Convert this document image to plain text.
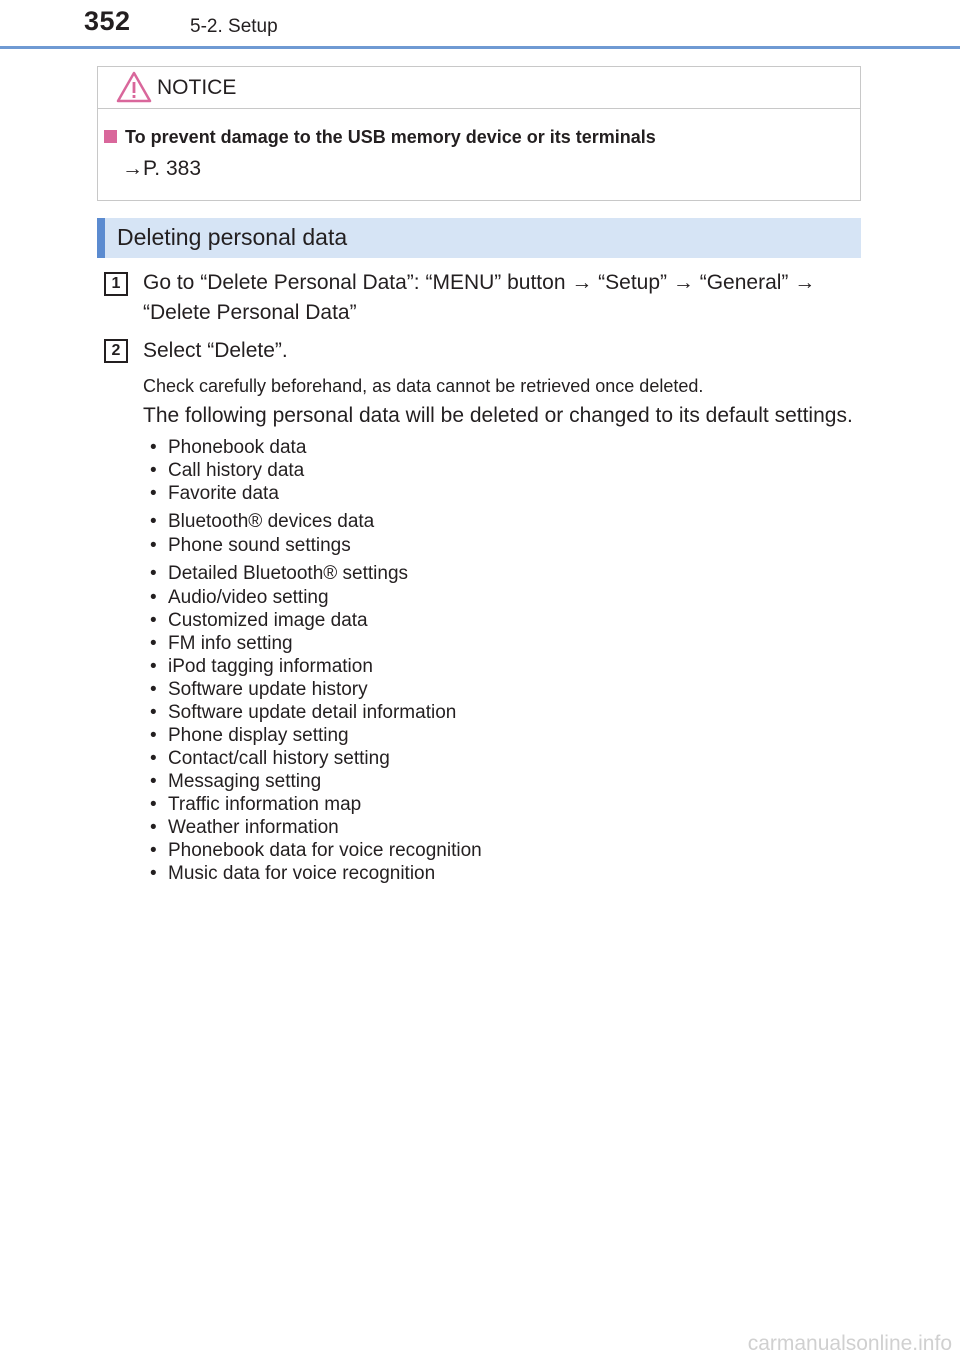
352	5-2. Setup
NOTICE
To prevent damage to the USB memory device or its terminals
→P. 383
Deleting personal data
1	Go to “Delete Personal Data”: “MENU” button → “Setup” → “General” →
“Delete Personal Data”
2	Select “Delete”.
Check carefully beforehand, as data cannot be retrieved once deleted.
The following personal data will be deleted or changed to its default settings.
• Phonebook data
• Call history data
• Favorite data
• Bluetooth® devices data
• Phone sound settings
• Detailed Bluetooth® settings
• Audio/video setting
• Customized image data
• FM info setting
• iPod tagging information
• Software update history
• Software update detail information
• Phone display setting
• Contact/call history setting
• Messaging setting
• Traffic information map
• Weather information
• Phonebook data for voice recognition
• Music data for voice recognition
carmanualsonline.info
